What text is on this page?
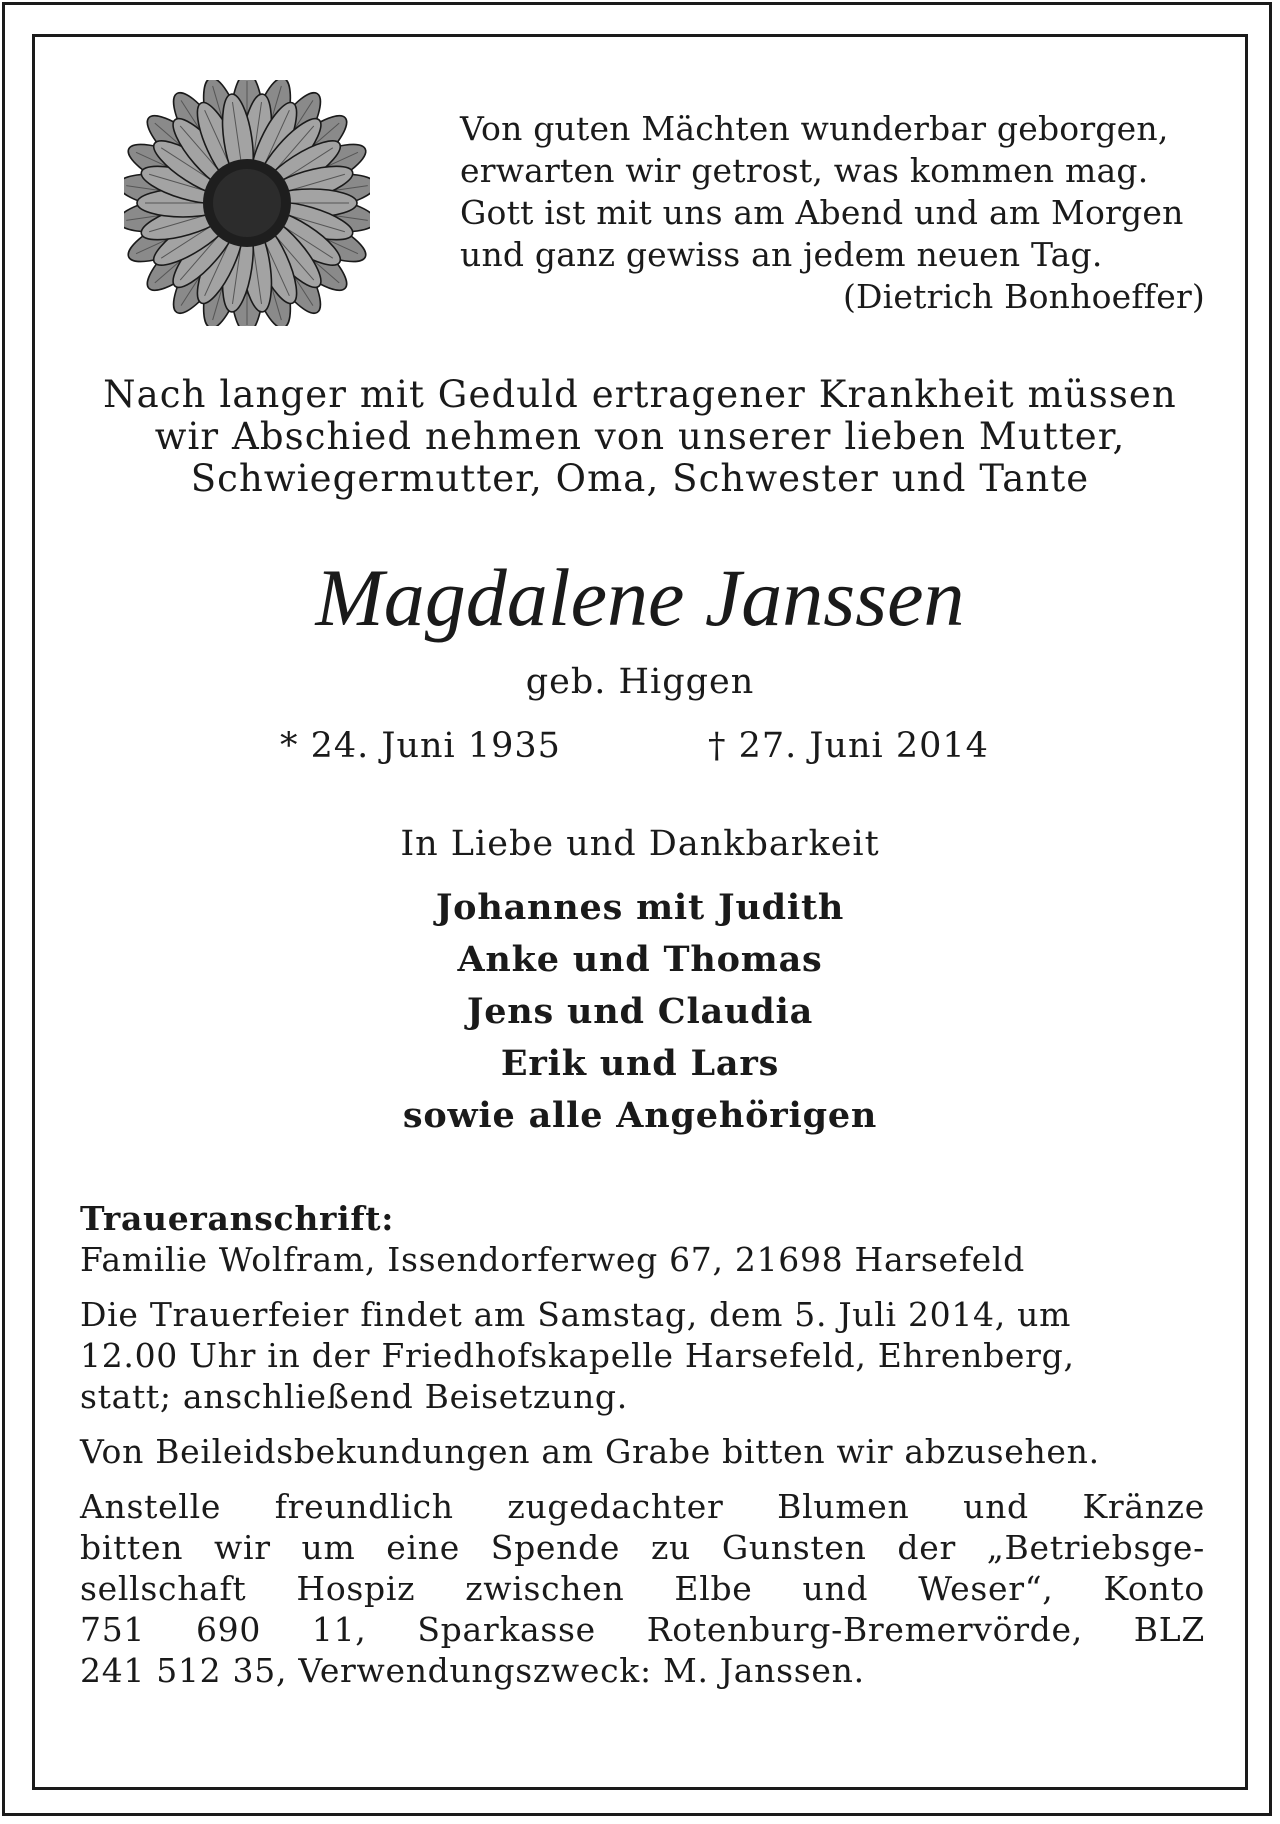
Von guten Mächten wunderbar geborgen,
erwarten wir getrost, was kommen mag.
Gott ist mit uns am Abend und am Morgen
und ganz gewiss an jedem neuen Tag.
(Dietrich Bonhoeffer)
Nach langer mit Geduld ertragener Krankheit müssen
wir Abschied nehmen von unserer lieben Mutter,
Schwiegermutter, Oma, Schwester und Tante
Magdalene Janssen
geb. Higgen
* 24. Juni 1935	† 27. Juni 2014
In Liebe und Dankbarkeit
Johannes mit Judith
Anke und Thomas
Jens und Claudia
Erik und Lars
sowie alle Angehörigen

Traueranschrift:
Familie Wolfram, Issendorferweg 67, 21698 Harsefeld

Die Trauerfeier findet am Samstag, dem 5. Juli 2014, um
12.00 Uhr in der Friedhofskapelle Harsefeld, Ehrenberg,
statt; anschließend Beisetzung.

Von Beileidsbekundungen am Grabe bitten wir abzusehen.

Anstelle freundlich zugedachter Blumen und Kränze
bitten wir um eine Spende zu Gunsten der „Betriebsge-
sellschaft Hospiz zwischen Elbe und Weser“, Konto
751 690 11, Sparkasse Rotenburg-Bremervörde, BLZ
241 512 35, Verwendungszweck: M. Janssen.
